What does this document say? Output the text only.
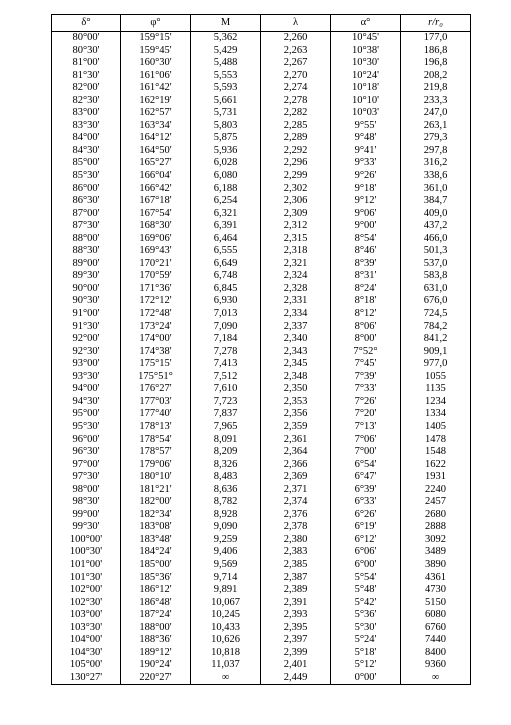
δ°	φ°	M	λ	α°	r/r₀
80°00'	159°15'	5,362	2,260	10°45'	177,0
80°30'	159°45'	5,429	2,263	10°38'	186,8
81°00'	160°30'	5,488	2,267	10°30'	196,8
81°30'	161°06'	5,553	2,270	10°24'	208,2
82°00'	161°42'	5,593	2,274	10°18'	219,8
82°30'	162°19'	5,661	2,278	10°10'	233,3
83°00'	162°57'	5,731	2,282	10°03'	247,0
83°30'	163°34'	5,803	2,285	9°55'	263,1
84°00'	164°12'	5,875	2,289	9°48'	279,3
84°30'	164°50'	5,936	2,292	9°41'	297,8
85°00'	165°27'	6,028	2,296	9°33'	316,2
85°30'	166°04'	6,080	2,299	9°26'	338,6
86°00'	166°42'	6,188	2,302	9°18'	361,0
86°30'	167°18'	6,254	2,306	9°12'	384,7
87°00'	167°54'	6,321	2,309	9°06'	409,0
87°30'	168°30'	6,391	2,312	9°00'	437,2
88°00'	169°06'	6,464	2,315	8°54'	466,0
88°30'	169°43'	6,555	2,318	8°46'	501,3
89°00'	170°21'	6,649	2,321	8°39'	537,0
89°30'	170°59'	6,748	2,324	8°31'	583,8
90°00'	171°36'	6,845	2,328	8°24'	631,0
90°30'	172°12'	6,930	2,331	8°18'	676,0
91°00'	172°48'	7,013	2,334	8°12'	724,5
91°30'	173°24'	7,090	2,337	8°06'	784,2
92°00'	174°00'	7,184	2,340	8°00'	841,2
92°30'	174°38'	7,278	2,343	7°52°	909,1
93°00'	175°15'	7,413	2,345	7°45'	977,0
93°30'	175°51°	7,512	2,348	7°39'	1055
94°00'	176°27'	7,610	2,350	7°33'	1135
94°30'	177°03'	7,723	2,353	7°26'	1234
95°00'	177°40'	7,837	2,356	7°20'	1334
95°30'	178°13'	7,965	2,359	7°13'	1405
96°00'	178°54'	8,091	2,361	7°06'	1478
96°30'	178°57'	8,209	2,364	7°00'	1548
97°00'	179°06'	8,326	2,366	6°54'	1622
97°30'	180°10'	8,483	2,369	6°47'	1931
98°00'	181°21'	8,636	2,371	6°39'	2240
98°30'	182°00'	8,782	2,374	6°33'	2457
99°00'	182°34'	8,928	2,376	6°26'	2680
99°30'	183°08'	9,090	2,378	6°19'	2888
100°00'	183°48'	9,259	2,380	6°12'	3092
100°30'	184°24'	9,406	2,383	6°06'	3489
101°00'	185°00'	9,569	2,385	6°00'	3890
101°30'	185°36'	9,714	2,387	5°54'	4361
102°00'	186°12'	9,891	2,389	5°48'	4730
102°30'	186°48'	10,067	2,391	5°42'	5150
103°00'	187°24'	10,245	2,393	5°36'	6080
103°30'	188°00'	10,433	2,395	5°30'	6760
104°00'	188°36'	10,626	2,397	5°24'	7440
104°30'	189°12'	10,818	2,399	5°18'	8400
105°00'	190°24'	11,037	2,401	5°12'	9360
130°27'	220°27'	∞	2,449	0°00'	∞
